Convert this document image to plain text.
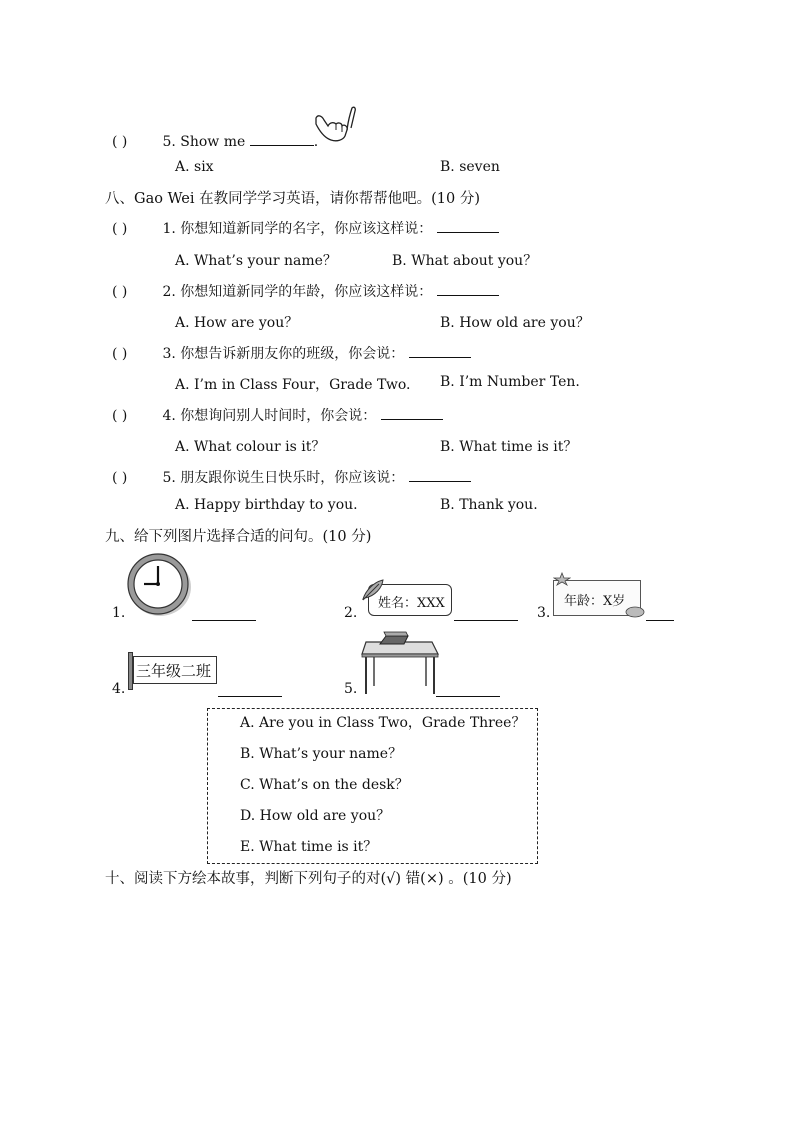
( )	5. Show me	.
A. six	B. seven
八、Gao Wei 在教同学学习英语，请你帮帮他吧。(10 分)
( )	1. 你想知道新同学的名字，你应该这样说：
A. What’s your name？	B. What about you？
( )	2. 你想知道新同学的年龄，你应该这样说：
A. How are you？	B. How old are you？
( )	3. 你想告诉新朋友你的班级，你会说：
A. I’m in Class Four，Grade Two. B. I’m Number Ten.
( )	4. 你想询问别人时间时，你会说：
A. What colour is it？	B. What time is it？
( )	5. 朋友跟你说生日快乐时，你应该说：
A. Happy birthday to you.	B. Thank you.
九、给下列图片选择合适的问句。(10 分)
1.	2.
姓名：XXX
3.
年龄：X岁
4.
三年级二班
5.
A. Are you in Class Two，Grade Three？
B. What’s your name？
C. What’s on the desk？
D. How old are you？
E. What time is it？
十、阅读下方绘本故事，判断下列句子的对(√) 错(×) 。(10 分)
